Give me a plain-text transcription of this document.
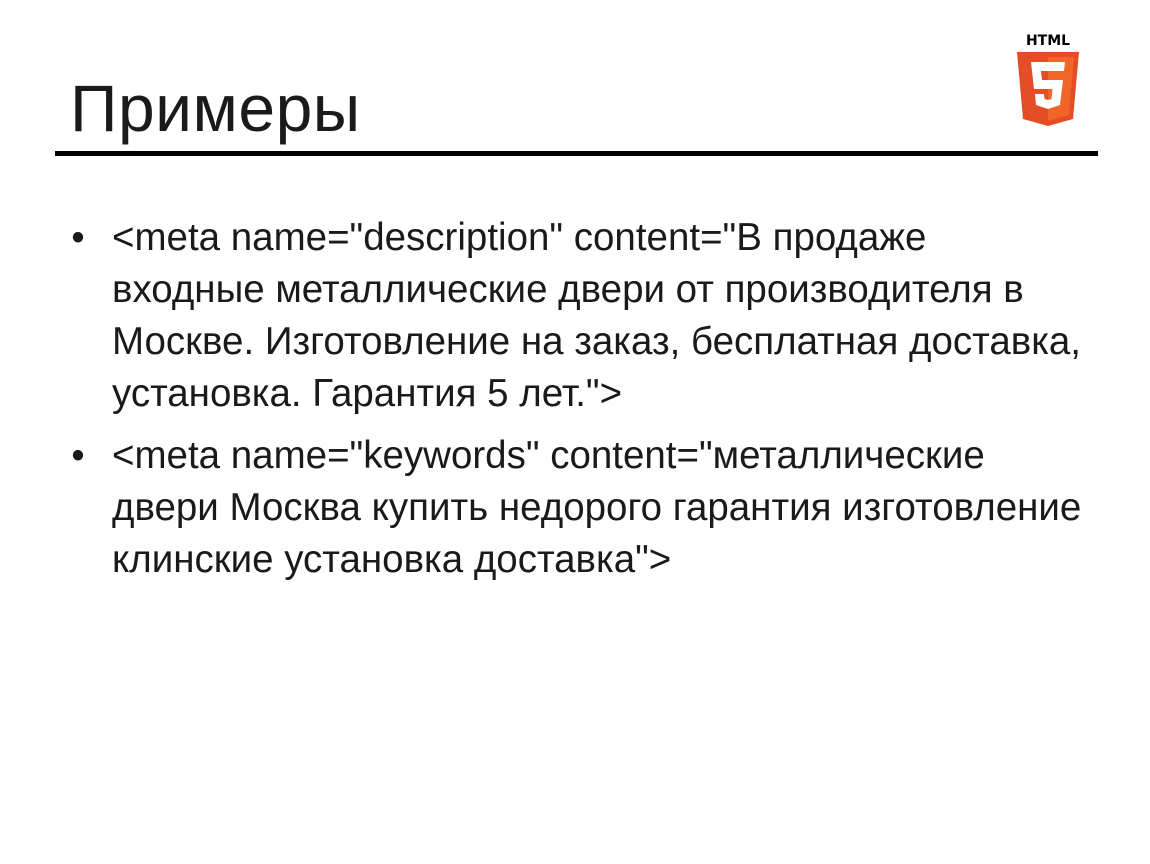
Примеры
HTML
• <meta name="description" content="В продаже входные металлические двери от производителя в Москве. Изготовление на заказ, бесплатная доставка, установка. Гарантия 5 лет.">
• <meta name="keywords" content="металлические двери Москва купить недорого гарантия изготовление клинские установка доставка">
